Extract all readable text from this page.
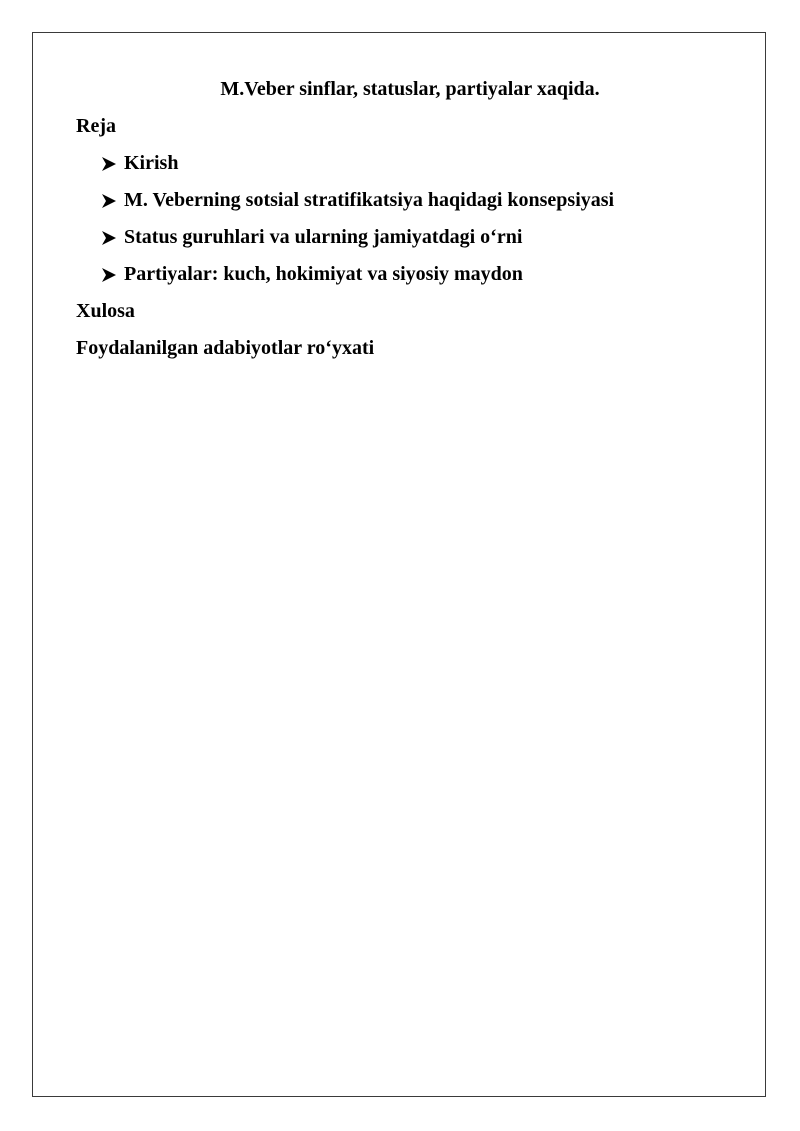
M.Veber sinflar, statuslar, partiyalar xaqida.

Reja

Kirish
M. Veberning sotsial stratifikatsiya haqidagi konsepsiyasi
Status guruhlari va ularning jamiyatdagi o‘rni
Partiyalar: kuch, hokimiyat va siyosiy maydon

Xulosa

Foydalanilgan adabiyotlar ro‘yxati
